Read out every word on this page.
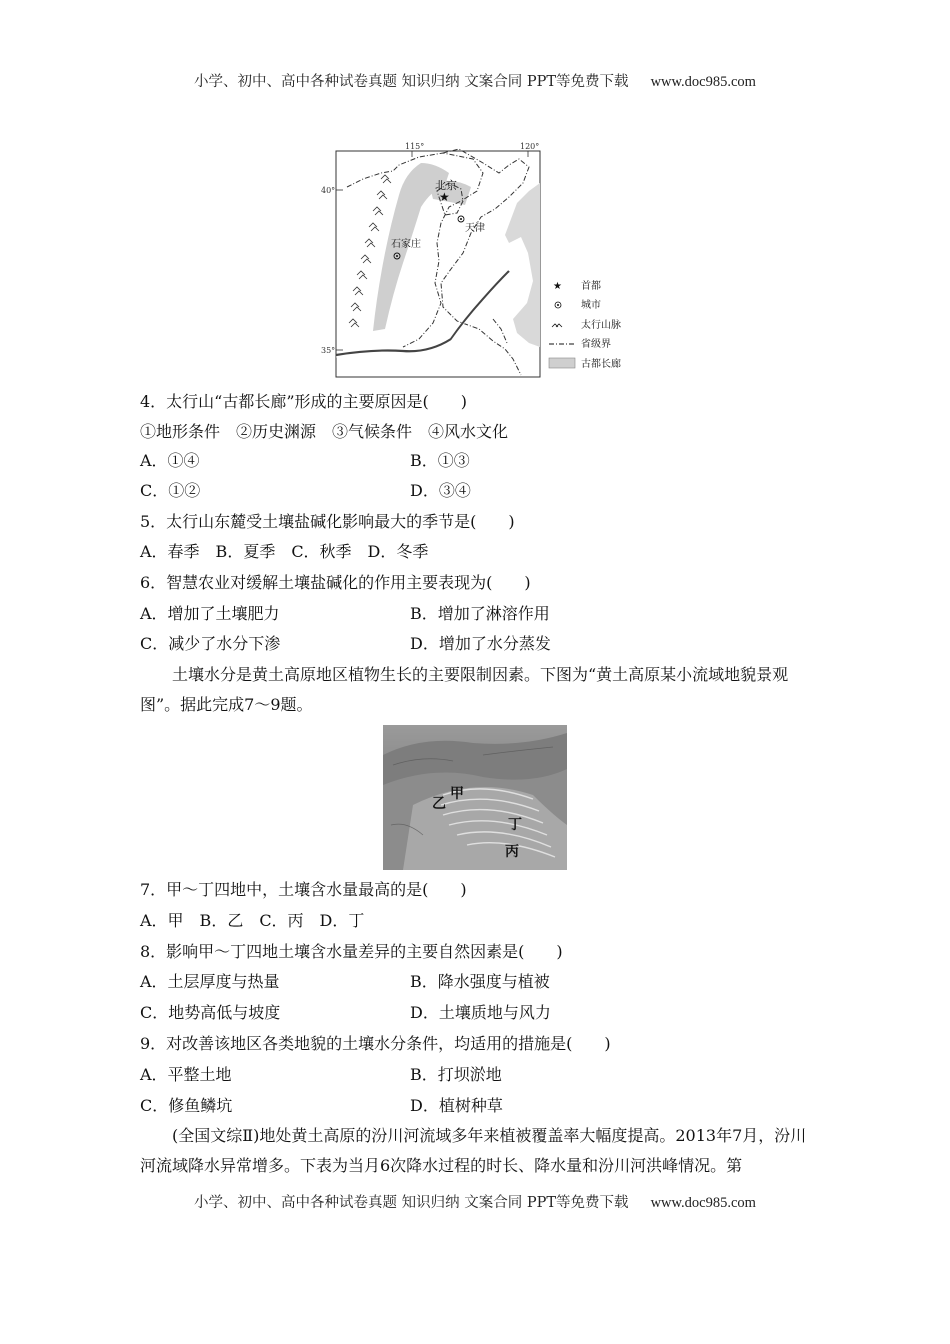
小学、初中、高中各种试卷真题 知识归纳 文案合同 PPT等免费下载 www.doc985.com
115°	120°
40°
35°
北京
★
天津
石家庄
★ 首都
城市
太行山脉
省级界
古都长廊
4．太行山“古都长廊”形成的主要原因是(　　)
①地形条件　②历史渊源　③气候条件　④风水文化
A．①④	B．①③
C．①②	D．③④
5．太行山东麓受土壤盐碱化影响最大的季节是(　　)
A．春季　B．夏季　C．秋季　D．冬季
6．智慧农业对缓解土壤盐碱化的作用主要表现为(　　)
A．增加了土壤肥力	B．增加了淋溶作用
C．减少了水分下渗	D．增加了水分蒸发

土壤水分是黄土高原地区植物生长的主要限制因素。下图为“黄土高原某小流域地貌景观图”。据此完成7～9题。

甲
乙
丁
丙
7．甲～丁四地中，土壤含水量最高的是(　　)
A．甲　B．乙　C．丙　D．丁
8．影响甲～丁四地土壤含水量差异的主要自然因素是(　　)
A．土层厚度与热量	B．降水强度与植被
C．地势高低与坡度	D．土壤质地与风力
9．对改善该地区各类地貌的土壤水分条件，均适用的措施是(　　)
A．平整土地	B．打坝淤地
C．修鱼鳞坑	D．植树种草

(全国文综Ⅱ)地处黄土高原的汾川河流域多年来植被覆盖率大幅度提高。2013年7月，汾川河流域降水异常增多。下表为当月6次降水过程的时长、降水量和汾川河洪峰情况。第

小学、初中、高中各种试卷真题 知识归纳 文案合同 PPT等免费下载 www.doc985.com
